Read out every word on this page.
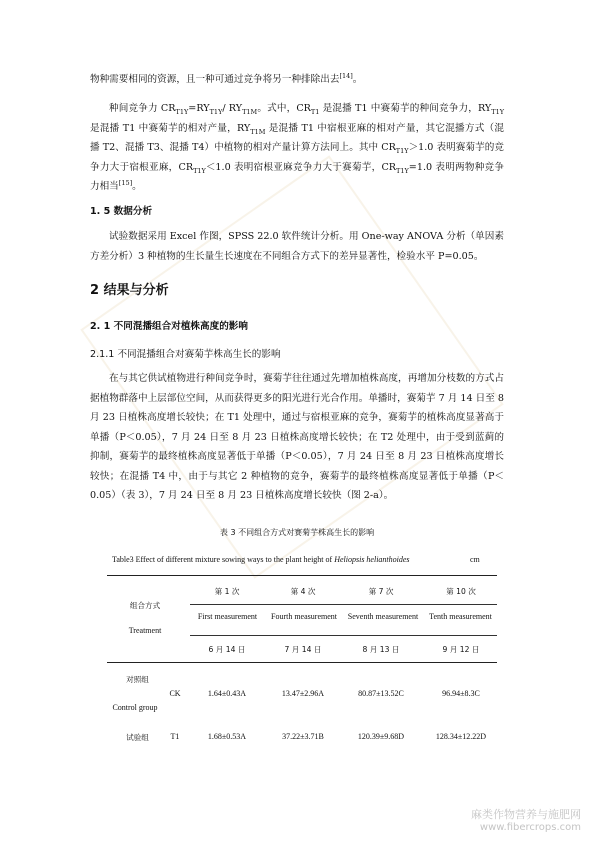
物种需要相同的资源，且一种可通过竞争将另一种排除出去[14]。

种间竞争力 $CR_{T1Y}=RY_{T1Y}/$ $RY_{T1M}$。式中，$CR_{T1}$ 是混播 T1 中赛菊芋的种间竞争力，$RY_{T1Y}$ 是混播 T1 中赛菊芋的相对产量，$RY_{T1M}$ 是混播 T1 中宿根亚麻的相对产量，其它混播方式（混播 T2、混播 T3、混播 T4）中植物的相对产量计算方法同上。其中 $CR_{T1Y}>1.0$ 表明赛菊芋的竞争力大于宿根亚麻，$CR_{T1Y}<1.0$ 表明宿根亚麻竞争力大于赛菊芋，$CR_{T1Y}=1.0$ 表明两物种竞争力相当[15]。

1. 5 数据分析

试验数据采用 Excel 作图，SPSS 22.0 软件统计分析。用 One-way ANOVA 分析（单因素方差分析）3 种植物的生长量生长速度在不同组合方式下的差异显著性，检验水平 P=0.05。

2 结果与分析

2. 1 不同混播组合对植株高度的影响

2.1.1 不同混播组合对赛菊芋株高生长的影响

在与其它供试植物进行种间竞争时，赛菊芋往往通过先增加植株高度，再增加分枝数的方式占据植物群落中上层部位空间，从而获得更多的阳光进行光合作用。单播时，赛菊芋 7 月 14 日至 8 月 23 日植株高度增长较快；在 T1 处理中，通过与宿根亚麻的竞争，赛菊芋的植株高度显著高于单播（P＜0.05），7 月 24 日至 8 月 23 日植株高度增长较快；在 T2 处理中，由于受到蓝蓟的抑制，赛菊芋的最终植株高度显著低于单播（P＜0.05），7 月 24 日至 8 月 23 日植株高度增长较快；在混播 T4 中，由于与其它 2 种植物的竞争，赛菊芋的最终植株高度显著低于单播（P＜0.05）（表 3），7 月 24 日至 8 月 23 日植株高度增长较快（图 2-a）。

表 3 不同组合方式对赛菊芋株高生长的影响

Table3 Effect of different mixture sowing ways to the plant height of Heliopsis helianthoides	cm

组合方式
Treatment
第 1 次	第 4 次	第 7 次	第 10 次
First measurement	Fourth measurement	Seventh measurement	Tenth measurement
6 月 14 日	7 月 14 日	8 月 13 日	9 月 12 日
对照组
CK
Control group
1.64±0.43A	13.47±2.96A	80.87±13.52C	96.94±8.3C
试验组	T1	1.68±0.53A	37.22±3.71B	120.39±9.68D	128.34±12.22D
麻类作物营养与施肥网
www.fibercrops.com
